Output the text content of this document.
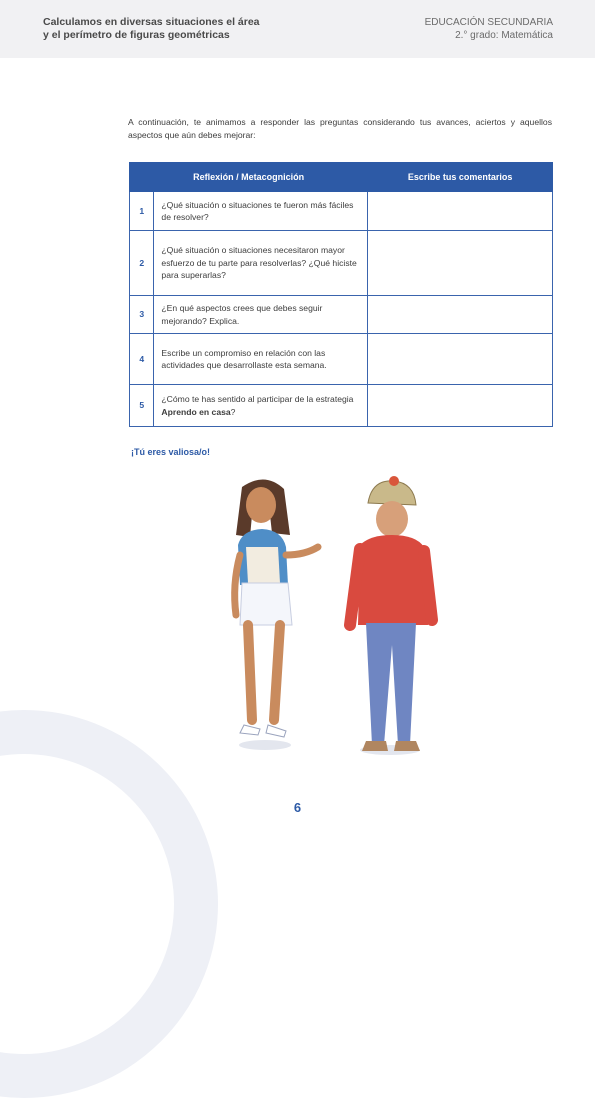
Calculamos en diversas situaciones el área
y el perímetro de figuras geométricas
EDUCACIÓN SECUNDARIA
2.° grado: Matemática

A continuación, te animamos a responder las preguntas considerando tus avances, aciertos y aquellos aspectos que aún debes mejorar:

Reflexión / Metacognición		Escribe tus comentarios
1	¿Qué situación o situaciones te fueron más fáciles de resolver?	
2	¿Qué situación o situaciones necesitaron mayor esfuerzo de tu parte para resolverlas? ¿Qué hiciste para superarlas?	
3	¿En qué aspectos crees que debes seguir mejorando? Explica.	
4	Escribe un compromiso en relación con las actividades que desarrollaste esta semana.	
5	¿Cómo te has sentido al participar de la estrategia Aprendo en casa?	
¡Tú eres valiosa/o!
6
